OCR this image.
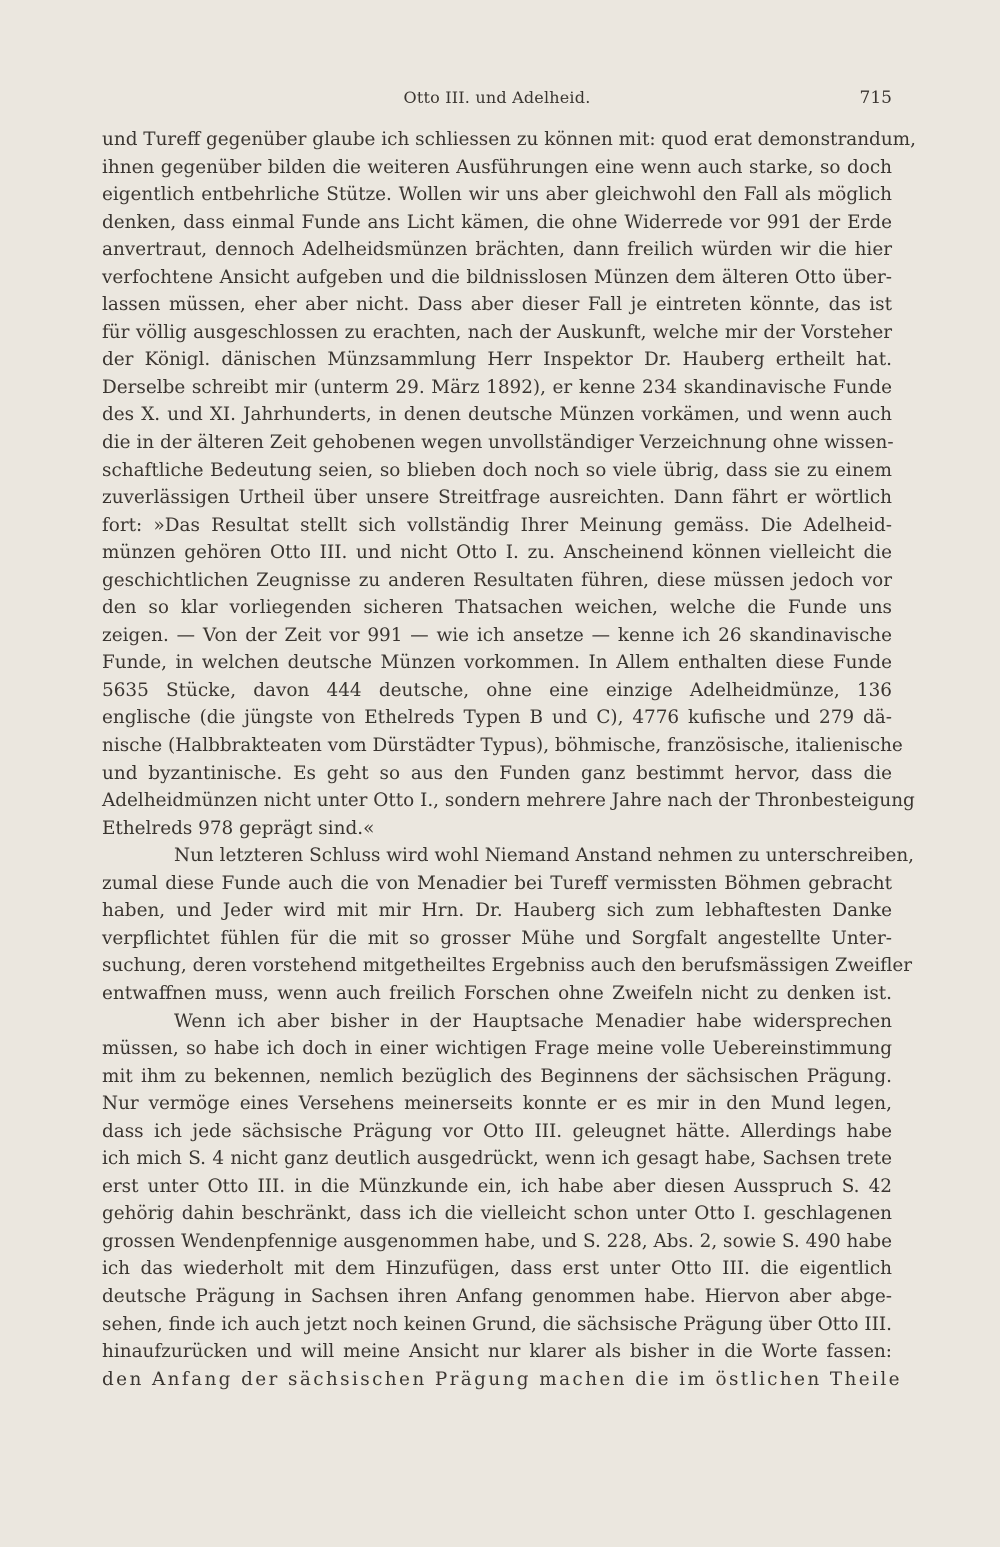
Otto III. und Adelheid.	715
und Tureff gegenüber glaube ich schliessen zu können mit: quod erat demonstrandum,
ihnen gegenüber bilden die weiteren Ausführungen eine wenn auch starke, so doch
eigentlich entbehrliche Stütze. Wollen wir uns aber gleichwohl den Fall als möglich
denken, dass einmal Funde ans Licht kämen, die ohne Widerrede vor 991 der Erde
anvertraut, dennoch Adelheidsmünzen brächten, dann freilich würden wir die hier
verfochtene Ansicht aufgeben und die bildnisslosen Münzen dem älteren Otto über-
lassen müssen, eher aber nicht. Dass aber dieser Fall je eintreten könnte, das ist
für völlig ausgeschlossen zu erachten, nach der Auskunft, welche mir der Vorsteher
der Königl. dänischen Münzsammlung Herr Inspektor Dr. Hauberg ertheilt hat.
Derselbe schreibt mir (unterm 29. März 1892), er kenne 234 skandinavische Funde
des X. und XI. Jahrhunderts, in denen deutsche Münzen vorkämen, und wenn auch
die in der älteren Zeit gehobenen wegen unvollständiger Verzeichnung ohne wissen-
schaftliche Bedeutung seien, so blieben doch noch so viele übrig, dass sie zu einem
zuverlässigen Urtheil über unsere Streitfrage ausreichten. Dann fährt er wörtlich
fort: »Das Resultat stellt sich vollständig Ihrer Meinung gemäss. Die Adelheid-
münzen gehören Otto III. und nicht Otto I. zu. Anscheinend können vielleicht die
geschichtlichen Zeugnisse zu anderen Resultaten führen, diese müssen jedoch vor
den so klar vorliegenden sicheren Thatsachen weichen, welche die Funde uns
zeigen. — Von der Zeit vor 991 — wie ich ansetze — kenne ich 26 skandinavische
Funde, in welchen deutsche Münzen vorkommen. In Allem enthalten diese Funde
5635 Stücke, davon 444 deutsche, ohne eine einzige Adelheidmünze, 136
englische (die jüngste von Ethelreds Typen B und C), 4776 kufische und 279 dä-
nische (Halbbrakteaten vom Dürstädter Typus), böhmische, französische, italienische
und byzantinische. Es geht so aus den Funden ganz bestimmt hervor, dass die
Adelheidmünzen nicht unter Otto I., sondern mehrere Jahre nach der Thronbesteigung
Ethelreds 978 geprägt sind.«
Nun letzteren Schluss wird wohl Niemand Anstand nehmen zu unterschreiben,
zumal diese Funde auch die von Menadier bei Tureff vermissten Böhmen gebracht
haben, und Jeder wird mit mir Hrn. Dr. Hauberg sich zum lebhaftesten Danke
verpflichtet fühlen für die mit so grosser Mühe und Sorgfalt angestellte Unter-
suchung, deren vorstehend mitgetheiltes Ergebniss auch den berufsmässigen Zweifler
entwaffnen muss, wenn auch freilich Forschen ohne Zweifeln nicht zu denken ist.
Wenn ich aber bisher in der Hauptsache Menadier habe widersprechen
müssen, so habe ich doch in einer wichtigen Frage meine volle Uebereinstimmung
mit ihm zu bekennen, nemlich bezüglich des Beginnens der sächsischen Prägung.
Nur vermöge eines Versehens meinerseits konnte er es mir in den Mund legen,
dass ich jede sächsische Prägung vor Otto III. geleugnet hätte. Allerdings habe
ich mich S. 4 nicht ganz deutlich ausgedrückt, wenn ich gesagt habe, Sachsen trete
erst unter Otto III. in die Münzkunde ein, ich habe aber diesen Ausspruch S. 42
gehörig dahin beschränkt, dass ich die vielleicht schon unter Otto I. geschlagenen
grossen Wendenpfennige ausgenommen habe, und S. 228, Abs. 2, sowie S. 490 habe
ich das wiederholt mit dem Hinzufügen, dass erst unter Otto III. die eigentlich
deutsche Prägung in Sachsen ihren Anfang genommen habe. Hiervon aber abge-
sehen, finde ich auch jetzt noch keinen Grund, die sächsische Prägung über Otto III.
hinaufzurücken und will meine Ansicht nur klarer als bisher in die Worte fassen:
den Anfang der sächsischen Prägung machen die im östlichen Theile
